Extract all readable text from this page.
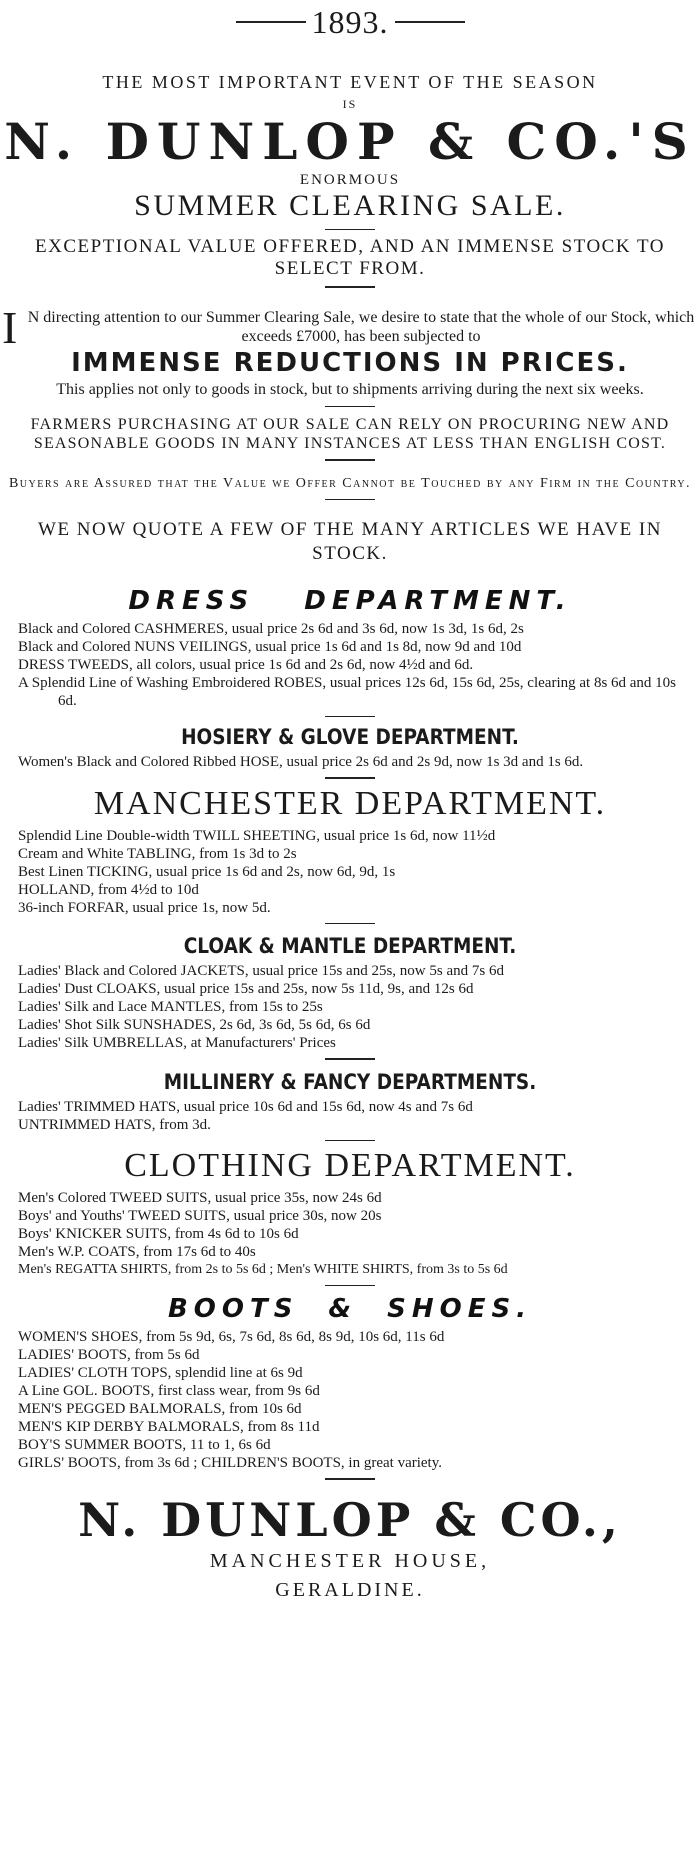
1893.
THE MOST IMPORTANT EVENT OF THE SEASON
IS
N. DUNLOP & CO.'S
ENORMOUS
SUMMER CLEARING SALE.
EXCEPTIONAL VALUE OFFERED, AND AN IMMENSE STOCK TO SELECT FROM.
I N directing attention to our Summer Clearing Sale, we desire to state that the whole of our Stock, which exceeds £7000, has been subjected to
IMMENSE REDUCTIONS IN PRICES.
This applies not only to goods in stock, but to shipments arriving during the next six weeks.
FARMERS PURCHASING AT OUR SALE CAN RELY ON PROCURING NEW AND SEASONABLE GOODS IN MANY INSTANCES AT LESS THAN ENGLISH COST.
Buyers are Assured that the Value we Offer Cannot be Touched by any Firm in the Country.
WE NOW QUOTE A FEW OF THE MANY ARTICLES WE HAVE IN STOCK.
DRESS DEPARTMENT.
Black and Colored CASHMERES, usual price 2s 6d and 3s 6d, now 1s 3d, 1s 6d, 2s
Black and Colored NUNS VEILINGS, usual price 1s 6d and 1s 8d, now 9d and 10d
DRESS TWEEDS, all colors, usual price 1s 6d and 2s 6d, now 4½d and 6d.
A Splendid Line of Washing Embroidered ROBES, usual prices 12s 6d, 15s 6d, 25s, clearing at 8s 6d and 10s 6d.
HOSIERY & GLOVE DEPARTMENT.
Women's Black and Colored Ribbed HOSE, usual price 2s 6d and 2s 9d, now 1s 3d and 1s 6d.
MANCHESTER DEPARTMENT.
Splendid Line Double-width TWILL SHEETING, usual price 1s 6d, now 11½d
Cream and White TABLING, from 1s 3d to 2s
Best Linen TICKING, usual price 1s 6d and 2s, now 6d, 9d, 1s
HOLLAND, from 4½d to 10d
36-inch FORFAR, usual price 1s, now 5d.
CLOAK & MANTLE DEPARTMENT.
Ladies' Black and Colored JACKETS, usual price 15s and 25s, now 5s and 7s 6d
Ladies' Dust CLOAKS, usual price 15s and 25s, now 5s 11d, 9s, and 12s 6d
Ladies' Silk and Lace MANTLES, from 15s to 25s
Ladies' Shot Silk SUNSHADES, 2s 6d, 3s 6d, 5s 6d, 6s 6d
Ladies' Silk UMBRELLAS, at Manufacturers' Prices
MILLINERY & FANCY DEPARTMENTS.
Ladies' TRIMMED HATS, usual price 10s 6d and 15s 6d, now 4s and 7s 6d
UNTRIMMED HATS, from 3d.
CLOTHING DEPARTMENT.
Men's Colored TWEED SUITS, usual price 35s, now 24s 6d
Boys' and Youths' TWEED SUITS, usual price 30s, now 20s
Boys' KNICKER SUITS, from 4s 6d to 10s 6d
Men's W.P. COATS, from 17s 6d to 40s
Men's REGATTA SHIRTS, from 2s to 5s 6d ; Men's WHITE SHIRTS, from 3s to 5s 6d
BOOTS & SHOES.
WOMEN'S SHOES, from 5s 9d, 6s, 7s 6d, 8s 6d, 8s 9d, 10s 6d, 11s 6d
LADIES' BOOTS, from 5s 6d
LADIES' CLOTH TOPS, splendid line at 6s 9d
A Line GOL. BOOTS, first class wear, from 9s 6d
MEN'S PEGGED BALMORALS, from 10s 6d
MEN'S KIP DERBY BALMORALS, from 8s 11d
BOY'S SUMMER BOOTS, 11 to 1, 6s 6d
GIRLS' BOOTS, from 3s 6d ; CHILDREN'S BOOTS, in great variety.
N. DUNLOP & CO.,
MANCHESTER HOUSE,
GERALDINE.
